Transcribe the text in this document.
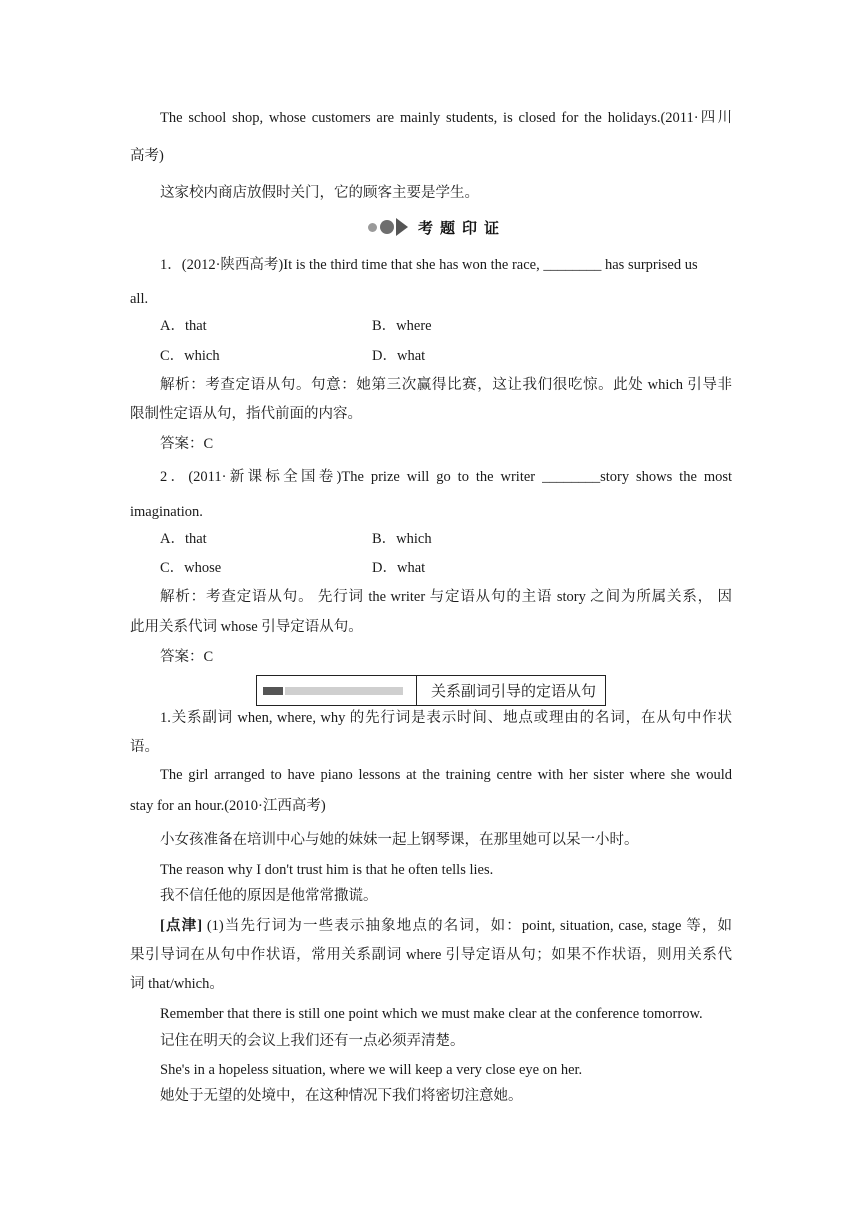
The school shop, whose customers are mainly students, is closed for the holidays.(2011·四川
高考)
这家校内商店放假时关门，它的顾客主要是学生。
考题印证
1．(2012·陕西高考)It is the third time that she has won the race, ________ has surprised us
all.
A．that	B．where
C．which	D．what
解析：考查定语从句。句意：她第三次赢得比赛，这让我们很吃惊。此处 which 引导非
限制性定语从句，指代前面的内容。
答案：C
2．(2011·新课标全国卷)The prize will go to the writer ________story shows the most
imagination.
A．that	B．which
C．whose	D．what
解析：考查定语从句。 先行词 the writer 与定语从句的主语 story 之间为所属关系， 因
此用关系代词 whose 引导定语从句。
答案：C
关系副词引导的定语从句
1.关系副词 when, where, why 的先行词是表示时间、地点或理由的名词，在从句中作状
语。
The girl arranged to have piano lessons at the training centre with her sister where she would
stay for an hour.(2010·江西高考)
小女孩准备在培训中心与她的妹妹一起上钢琴课，在那里她可以呆一小时。
The reason why I don't trust him is that he often tells lies.
我不信任他的原因是他常常撒谎。
[点津] (1)当先行词为一些表示抽象地点的名词，如：point, situation, case, stage 等，如
果引导词在从句中作状语，常用关系副词 where 引导定语从句；如果不作状语，则用关系代
词 that/which。
Remember that there is still one point which we must make clear at the conference tomorrow.
记住在明天的会议上我们还有一点必须弄清楚。
She's in a hopeless situation, where we will keep a very close eye on her.
她处于无望的处境中，在这种情况下我们将密切注意她。
